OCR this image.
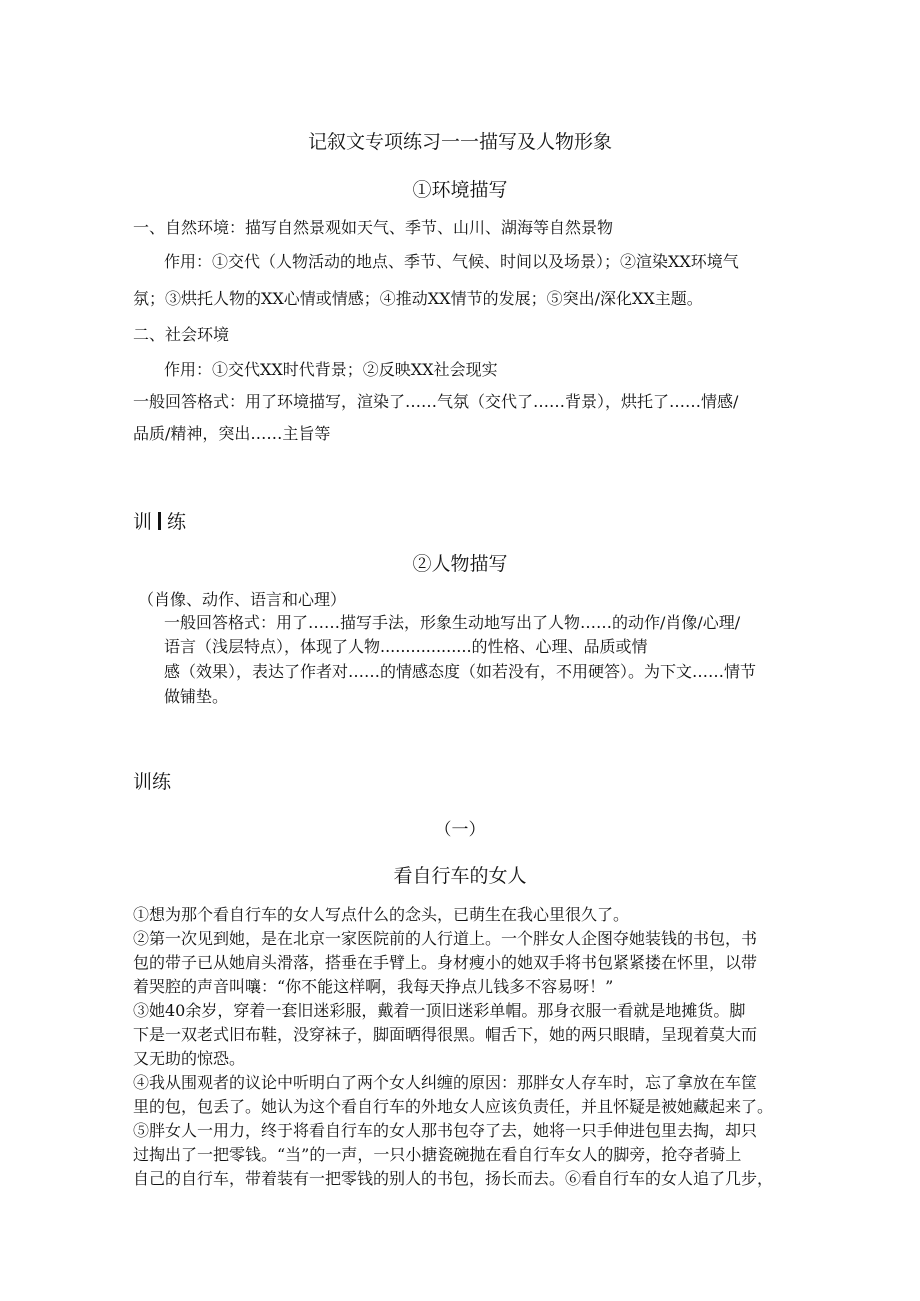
记叙文专项练习一一描写及人物形象
①环境描写
一、自然环境：描写自然景观如天气、季节、山川、湖海等自然景物
作用：①交代（人物活动的地点、季节、气候、时间以及场景）；②渲染XX环境气
氛；③烘托人物的XX心情或情感；④推动XX情节的发展；⑤突出/深化XX主题。
二、社会环境
作用：①交代XX时代背景；②反映XX社会现实
一般回答格式：用了环境描写，渲染了……气氛（交代了……背景），烘托了……情感/
品质/精神，突出……主旨等
训 练
②人物描写
（肖像、动作、语言和心理）
一般回答格式：用了……描写手法，形象生动地写出了人物……的动作/肖像/心理/
语言（浅层特点），体现了人物..................的性格、心理、品质或情
感（效果），表达了作者对……的情感态度（如若没有，不用硬答）。为下文……情节
做铺垫。
训练
（一）
看自行车的女人
①想为那个看自行车的女人写点什么的念头，已萌生在我心里很久了。
②第一次见到她，是在北京一家医院前的人行道上。一个胖女人企图夺她装钱的书包，书
包的带子已从她肩头滑落，搭垂在手臂上。身材瘦小的她双手将书包紧紧搂在怀里，以带
着哭腔的声音叫嚷：“你不能这样啊，我每天挣点儿钱多不容易呀！”
③她40余岁，穿着一套旧迷彩服，戴着一顶旧迷彩单帽。那身衣服一看就是地摊货。脚
下是一双老式旧布鞋，没穿袜子，脚面晒得很黑。帽舌下，她的两只眼睛，呈现着莫大而
又无助的惊恐。
④我从围观者的议论中听明白了两个女人纠缠的原因：那胖女人存车时，忘了拿放在车筐
里的包，包丢了。她认为这个看自行车的外地女人应该负责任，并且怀疑是被她藏起来了。
⑤胖女人一用力，终于将看自行车的女人那书包夺了去，她将一只手伸进包里去掏，却只
过掏出了一把零钱。“当”的一声，一只小搪瓷碗抛在看自行车女人的脚旁，抢夺者骑上
自己的自行车，带着装有一把零钱的别人的书包，扬长而去。⑥看自行车的女人追了几步，
